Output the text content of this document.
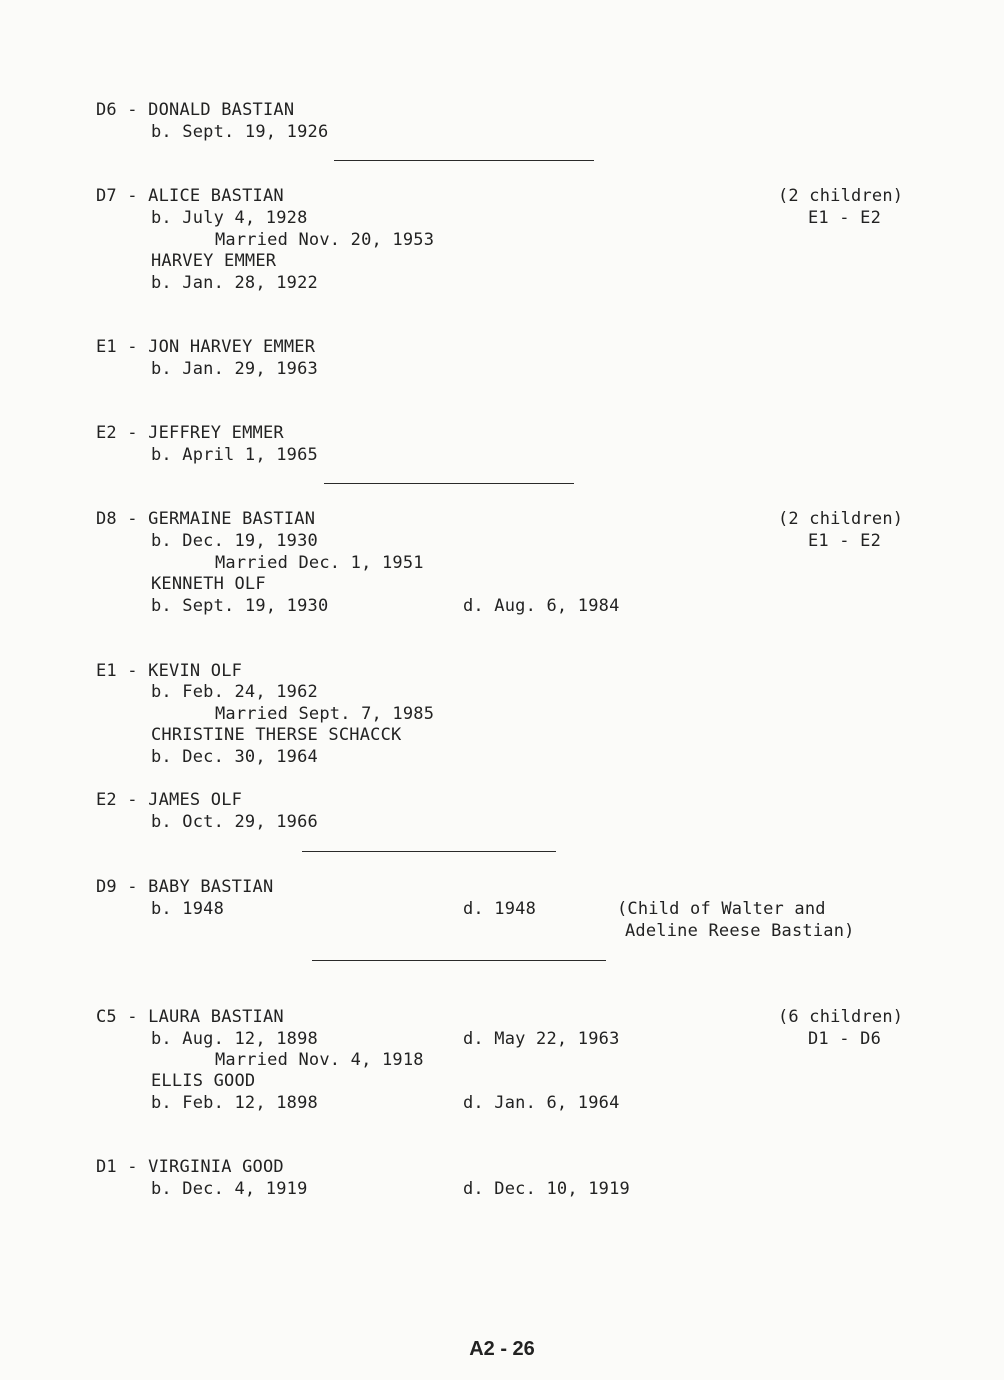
D6 - DONALD BASTIAN
b. Sept. 19, 1926
D7 - ALICE BASTIAN
b. July 4, 1928
Married Nov. 20, 1953
HARVEY EMMER
b. Jan. 28, 1922
(2 children)
E1 - E2
E1 - JON HARVEY EMMER
b. Jan. 29, 1963
E2 - JEFFREY EMMER
b. April 1, 1965
D8 - GERMAINE BASTIAN
b. Dec. 19, 1930
Married Dec. 1, 1951
KENNETH OLF
b. Sept. 19, 1930	d. Aug. 6, 1984
(2 children)
E1 - E2
E1 - KEVIN OLF
b. Feb. 24, 1962
Married Sept. 7, 1985
CHRISTINE THERSE SCHACCK
b. Dec. 30, 1964
E2 - JAMES OLF
b. Oct. 29, 1966
D9 - BABY BASTIAN
b. 1948	d. 1948	(Child of Walter and
Adeline Reese Bastian)
C5 - LAURA BASTIAN
b. Aug. 12, 1898	d. May 22, 1963
Married Nov. 4, 1918
ELLIS GOOD
b. Feb. 12, 1898	d. Jan. 6, 1964
(6 children)
D1 - D6
D1 - VIRGINIA GOOD
b. Dec. 4, 1919	d. Dec. 10, 1919
A2 - 26
